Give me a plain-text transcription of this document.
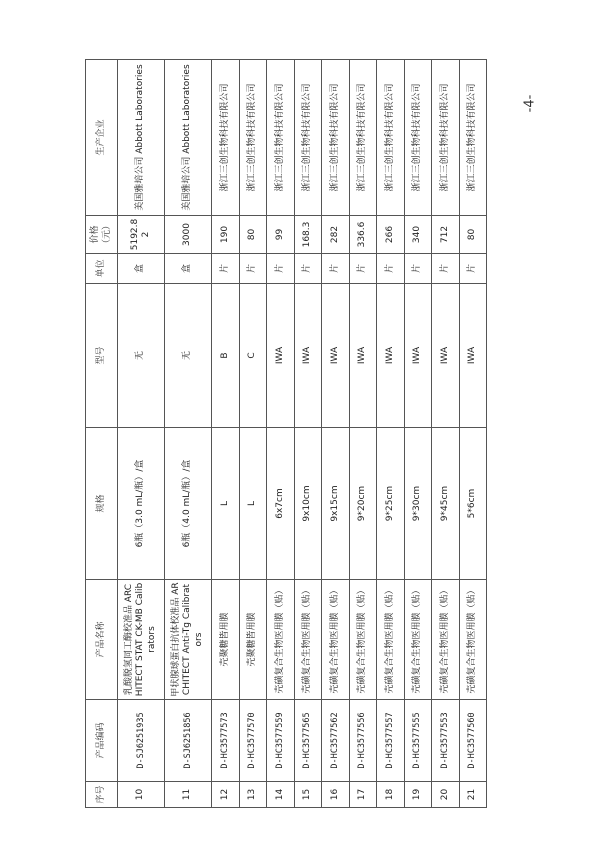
序号	产品编码	产品名称	规格	型号	单位	价格（元）	生产企业
10	D-SJ6251935	乳酸脱氢同工酶校准品 ARCHITECT STAT CK-MB Calibrators	6瓶（3.0 mL/瓶）/盒	无	盒	5192.82	美国雅培公司 Abbott Laboratories
11	D-SJ6251856	甲状腺球蛋白抗体校准品 ARCHITECT Anti-Tg Calibrators	6瓶（4.0 mL/瓶）/盒	无	盒	3000	美国雅培公司 Abbott Laboratories
12	D-HC3577573	壳聚糖皆用膜	L	B	片	190	浙江三创生物科技有限公司
13	D-HC3577570	壳聚糖皆用膜	L	C	片	80	浙江三创生物科技有限公司
14	D-HC3577559	壳磺复合生物医用膜（贴）	6x7cm	IWA	片	99	浙江三创生物科技有限公司
15	D-HC3577565	壳磺复合生物医用膜（贴）	9x10cm	IWA	片	168.3	浙江三创生物科技有限公司
16	D-HC3577562	壳磺复合生物医用膜（贴）	9x15cm	IWA	片	282	浙江三创生物科技有限公司
17	D-HC3577556	壳磺复合生物医用膜（贴）	9*20cm	IWA	片	336.6	浙江三创生物科技有限公司
18	D-HC3577557	壳磺复合生物医用膜（贴）	9*25cm	IWA	片	266	浙江三创生物科技有限公司
19	D-HC3577555	壳磺复合生物医用膜（贴）	9*30cm	IWA	片	340	浙江三创生物科技有限公司
20	D-HC3577553	壳磺复合生物医用膜（贴）	9*45cm	IWA	片	712	浙江三创生物科技有限公司
21	D-HC3577560	壳磺复合生物医用膜（贴）	5*6cm	IWA	片	80	浙江三创生物科技有限公司	-4-
